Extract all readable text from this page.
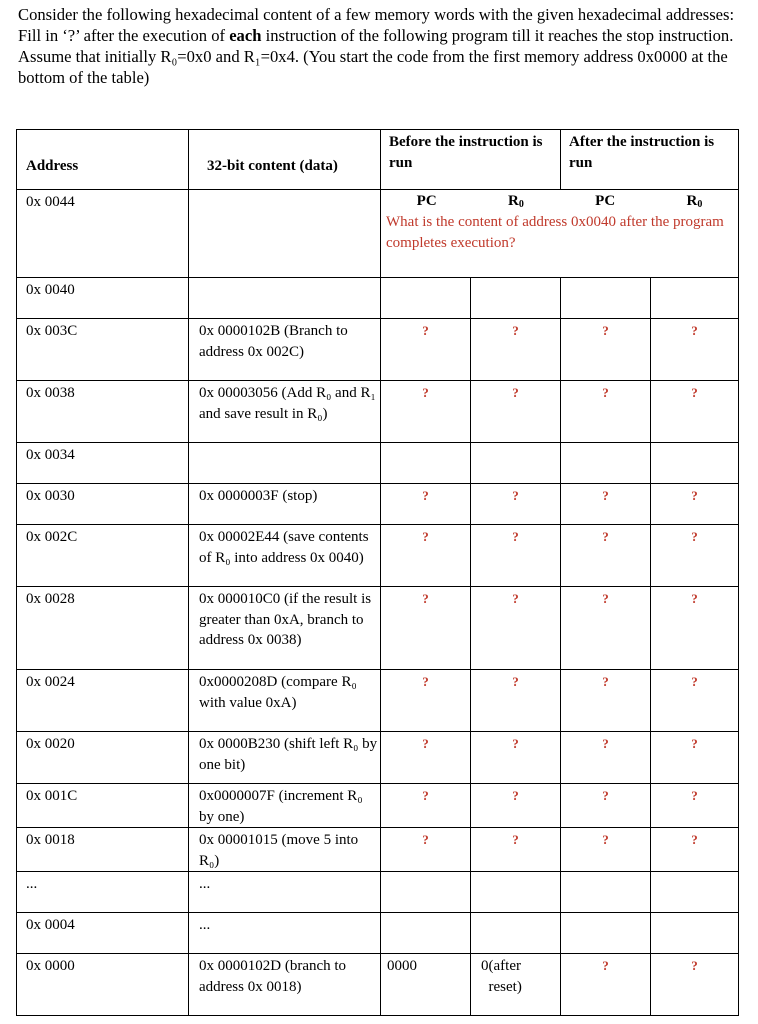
Consider the following hexadecimal content of a few memory words with the given hexadecimal addresses: Fill in ‘?’ after the execution of each instruction of the following program till it reaches the stop instruction. Assume that initially R₀=0x0 and R₁=0x4. (You start the code from the first memory address 0x0000 at the bottom of the table)

Address	32-bit content (data)	Before the instruction is run		After the instruction is run	
0x 0044		PC $R_0$ PC $R_0$
What is the content of address 0x0040 after the program completes execution?			

0x 0040					
0x 003C	0x 0000102B (Branch to address 0x 002C)	?	?	?	?
0x 0038	0x 00003056 (Add R₀ and R₁ and save result in R₀)	?	?	?	?
0x 0034					
0x 0030	0x 0000003F (stop)	?	?	?	?
0x 002C	0x 00002E44 (save contents of R₀ into address 0x 0040)	?	?	?	?
0x 0028	0x 000010C0 (if the result is greater than 0xA, branch to address 0x 0038)	?	?	?	?
0x 0024	0x0000208D (compare R₀ with value 0xA)	?	?	?	?
0x 0020	0x 0000B230 (shift left R₀ by one bit)	?	?	?	?
0x 001C	0x0000007F (increment R₀ by one)	?	?	?	?
0x 0018	0x 00001015 (move 5 into R₀)	?	?	?	?
...	...				
0x 0004	...				
0x 0000	0x 0000102D (branch to address 0x 0018)	0000	0 (after reset)	?	?
